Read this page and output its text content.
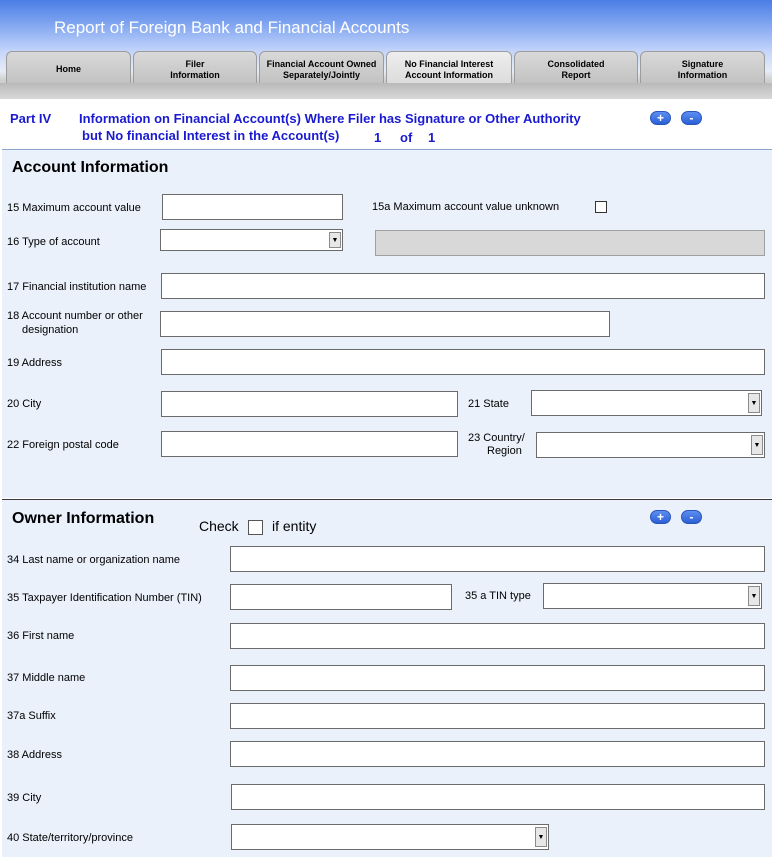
Report of Foreign Bank and Financial Accounts
Home
Filer
Information
Financial Account Owned
Separately/Jointly
No Financial Interest
Account Information
Consolidated
Report
Signature
Information
Part IV Information on Financial Account(s) Where Filer has Signature or Other Authority
but No financial Interest in the Account(s)	1 of 1
+	-
Account Information
15 Maximum account value	15a Maximum account value unknown
16 Type of account	▼
17 Financial institution name
18 Account number or other
designation
19 Address
20 City	21 State	▼
22 Foreign postal code
23 Country/
Region	▼
Owner Information	Check if entity
+	-
34 Last name or organization name
35 Taxpayer Identification Number (TIN)	35 a TIN type	▼
36 First name
37 Middle name
37a Suffix
38 Address
39 City
40 State/territory/province	▼
